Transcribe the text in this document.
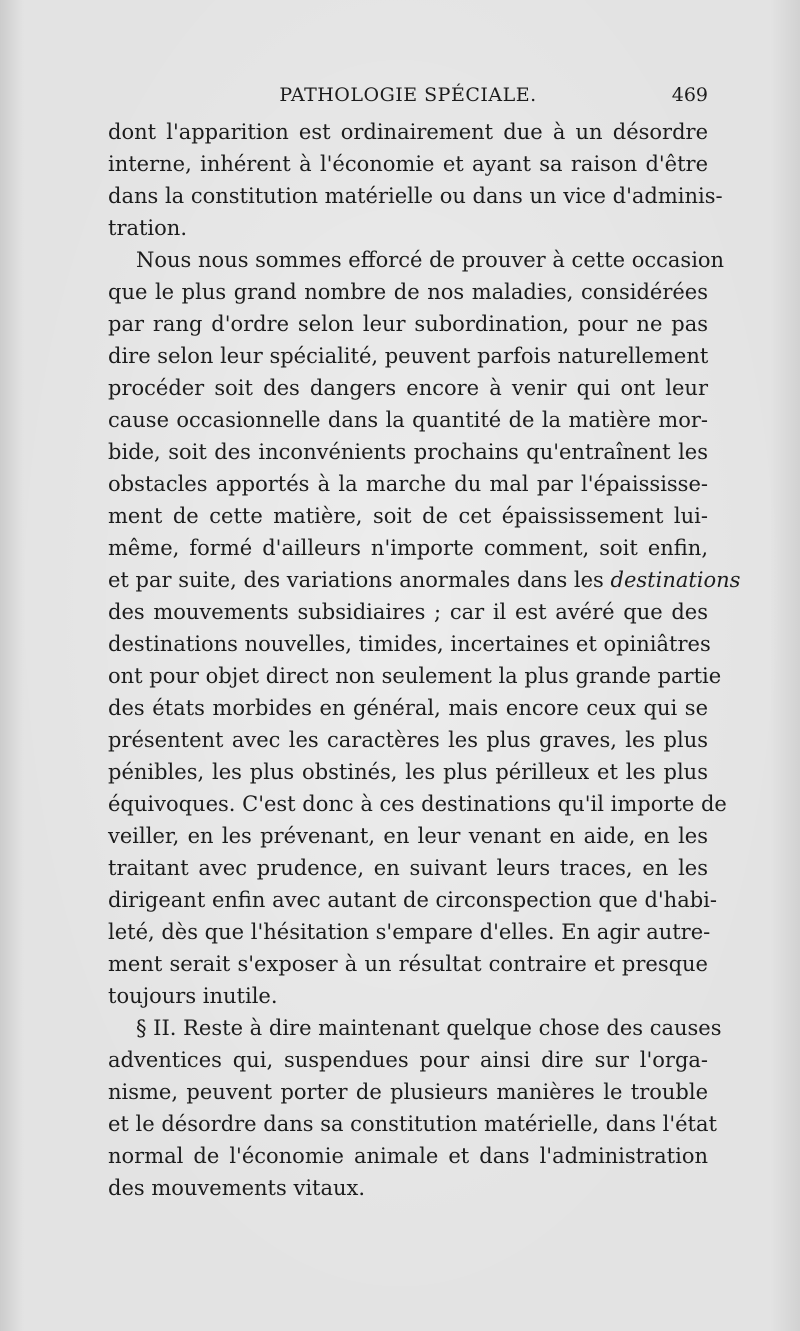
PATHOLOGIE SPÉCIALE.	469
dont l'apparition est ordinairement due à un désordre
interne, inhérent à l'économie et ayant sa raison d'être
dans la constitution matérielle ou dans un vice d'adminis-
tration.
Nous nous sommes efforcé de prouver à cette occasion
que le plus grand nombre de nos maladies, considérées
par rang d'ordre selon leur subordination, pour ne pas
dire selon leur spécialité, peuvent parfois naturellement
procéder soit des dangers encore à venir qui ont leur
cause occasionnelle dans la quantité de la matière mor-
bide, soit des inconvénients prochains qu'entraînent les
obstacles apportés à la marche du mal par l'épaississe-
ment de cette matière, soit de cet épaississement lui-
même, formé d'ailleurs n'importe comment, soit enfin,
et par suite, des variations anormales dans les destinations
des mouvements subsidiaires ; car il est avéré que des
destinations nouvelles, timides, incertaines et opiniâtres
ont pour objet direct non seulement la plus grande partie
des états morbides en général, mais encore ceux qui se
présentent avec les caractères les plus graves, les plus
pénibles, les plus obstinés, les plus périlleux et les plus
équivoques. C'est donc à ces destinations qu'il importe de
veiller, en les prévenant, en leur venant en aide, en les
traitant avec prudence, en suivant leurs traces, en les
dirigeant enfin avec autant de circonspection que d'habi-
leté, dès que l'hésitation s'empare d'elles. En agir autre-
ment serait s'exposer à un résultat contraire et presque
toujours inutile.
§ II. Reste à dire maintenant quelque chose des causes
adventices qui, suspendues pour ainsi dire sur l'orga-
nisme, peuvent porter de plusieurs manières le trouble
et le désordre dans sa constitution matérielle, dans l'état
normal de l'économie animale et dans l'administration
des mouvements vitaux.
